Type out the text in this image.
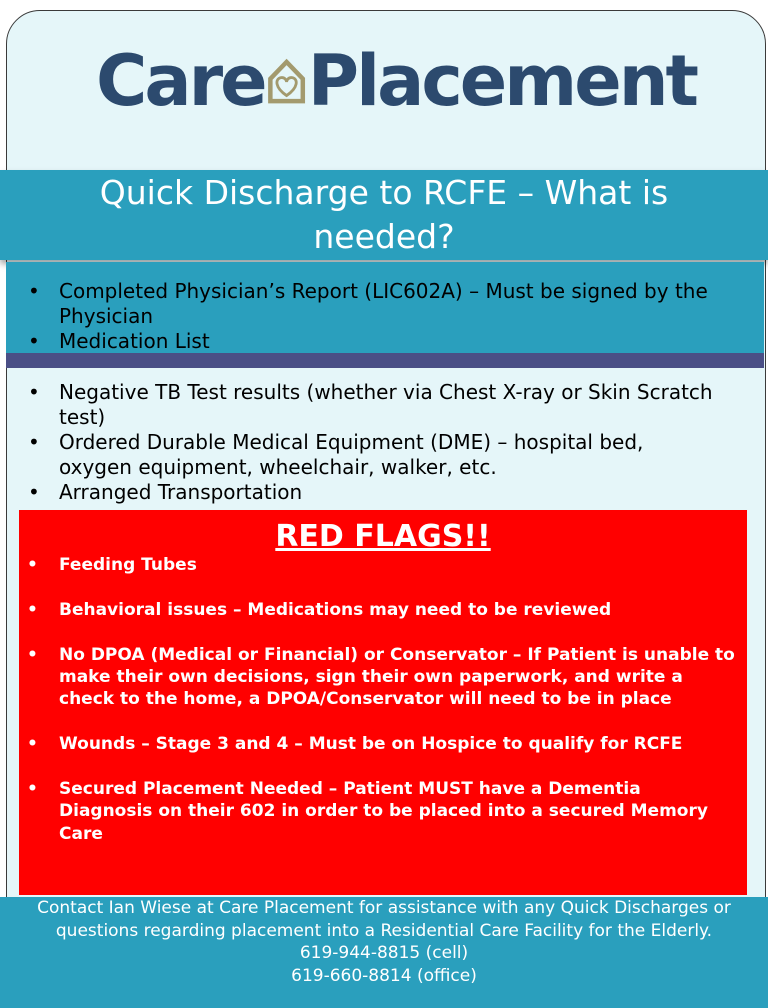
Care Placement
Quick Discharge to RCFE – What is needed?
• Completed Physician’s Report (LIC602A) – Must be signed by the Physician
• Medication List
• Negative TB Test results (whether via Chest X-ray or Skin Scratch test)
• Ordered Durable Medical Equipment (DME) – hospital bed, oxygen equipment, wheelchair, walker, etc.
• Arranged Transportation
RED FLAGS!!
• Feeding Tubes
• Behavioral issues – Medications may need to be reviewed
• No DPOA (Medical or Financial) or Conservator – If Patient is unable to make their own decisions, sign their own paperwork, and write a check to the home, a DPOA/Conservator will need to be in place
• Wounds – Stage 3 and 4 – Must be on Hospice to qualify for RCFE
• Secured Placement Needed – Patient MUST have a Dementia Diagnosis on their 602 in order to be placed into a secured Memory Care

Contact Ian Wiese at Care Placement for assistance with any Quick Discharges or questions regarding placement into a Residential Care Facility for the Elderly.

619-944-8815 (cell)

619-660-8814 (office)
